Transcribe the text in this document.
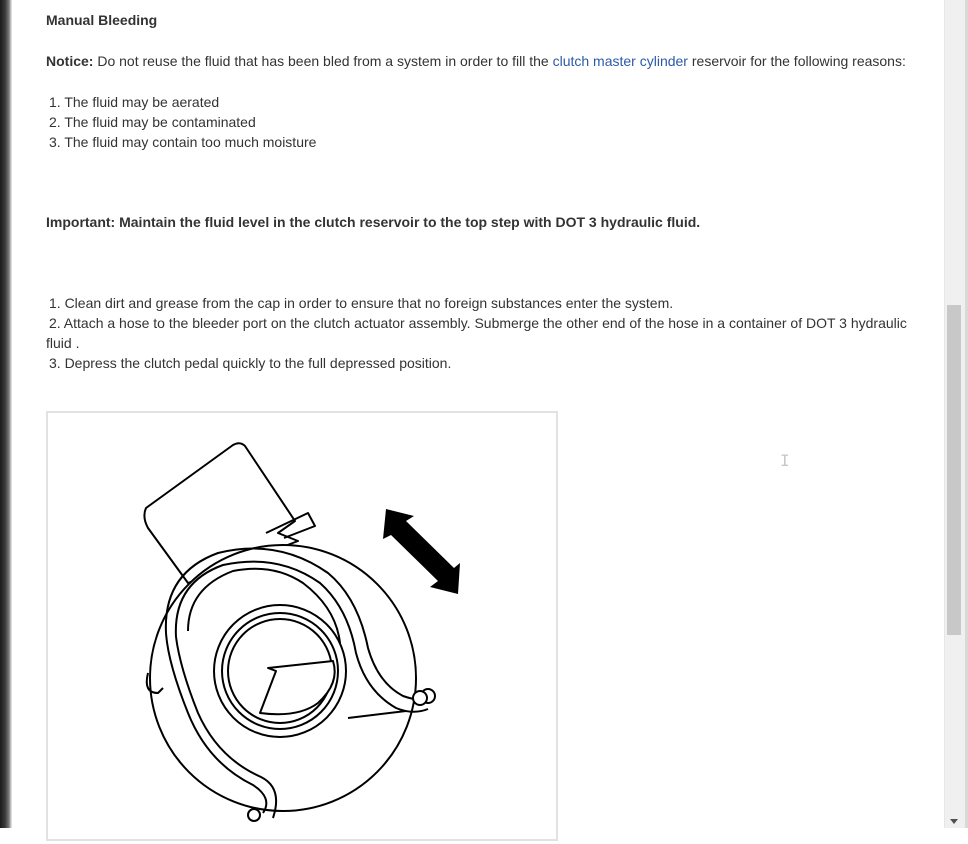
Manual Bleeding
Notice: Do not reuse the fluid that has been bled from a system in order to fill the clutch master cylinder reservoir for the following reasons:
1. The fluid may be aerated
2. The fluid may be contaminated
3. The fluid may contain too much moisture
Important: Maintain the fluid level in the clutch reservoir to the top step with DOT 3 hydraulic fluid.
1. Clean dirt and grease from the cap in order to ensure that no foreign substances enter the system.
2. Attach a hose to the bleeder port on the clutch actuator assembly. Submerge the other end of the hose in a container of DOT 3 hydraulic fluid .
3. Depress the clutch pedal quickly to the full depressed position.
I
